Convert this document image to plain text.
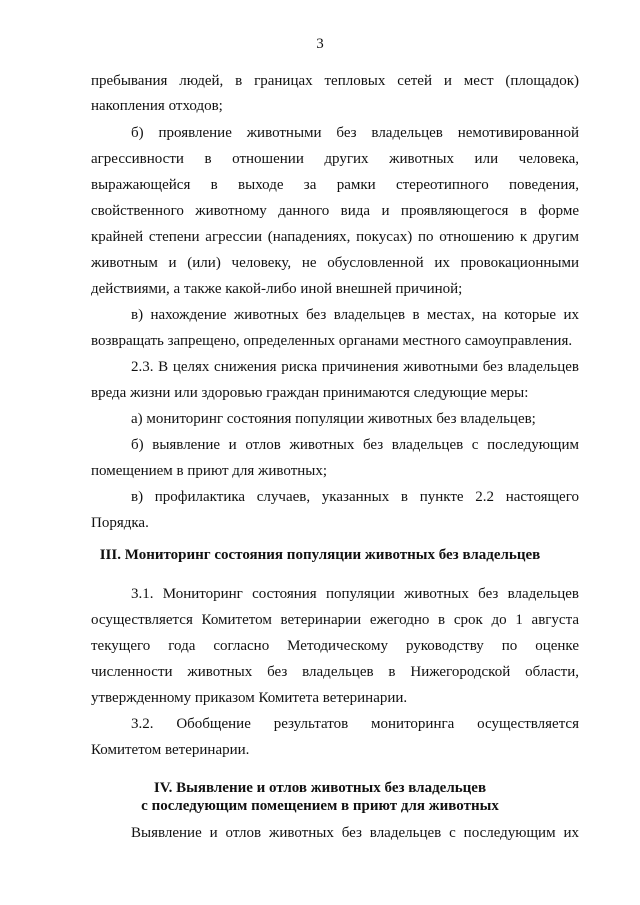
3

пребывания людей, в границах тепловых сетей и мест (площадок)

накопления отходов;

б) проявление животными без владельцев немотивированной

агрессивности в отношении других животных или человека,

выражающейся в выходе за рамки стереотипного поведения,

свойственного животному данного вида и проявляющегося в форме

крайней степени агрессии (нападениях, покусах) по отношению к другим

животным и (или) человеку, не обусловленной их провокационными

действиями, а также какой-либо иной внешней причиной;

в) нахождение животных без владельцев в местах, на которые их

возвращать запрещено, определенных органами местного самоуправления.

2.3. В целях снижения риска причинения животными без владельцев

вреда жизни или здоровью граждан принимаются следующие меры:

а) мониторинг состояния популяции животных без владельцев;

б) выявление и отлов животных без владельцев с последующим

помещением в приют для животных;

в) профилактика случаев, указанных в пункте 2.2 настоящего

Порядка.

III. Мониторинг состояния популяции животных без владельцев

3.1. Мониторинг состояния популяции животных без владельцев

осуществляется Комитетом ветеринарии ежегодно в срок до 1 августа

текущего года согласно Методическому руководству по оценке

численности животных без владельцев в Нижегородской области,

утвержденному приказом Комитета ветеринарии.

3.2. Обобщение результатов мониторинга осуществляется

Комитетом ветеринарии.

IV. Выявление и отлов животных без владельцев
с последующим помещением в приют для животных

Выявление и отлов животных без владельцев с последующим их
